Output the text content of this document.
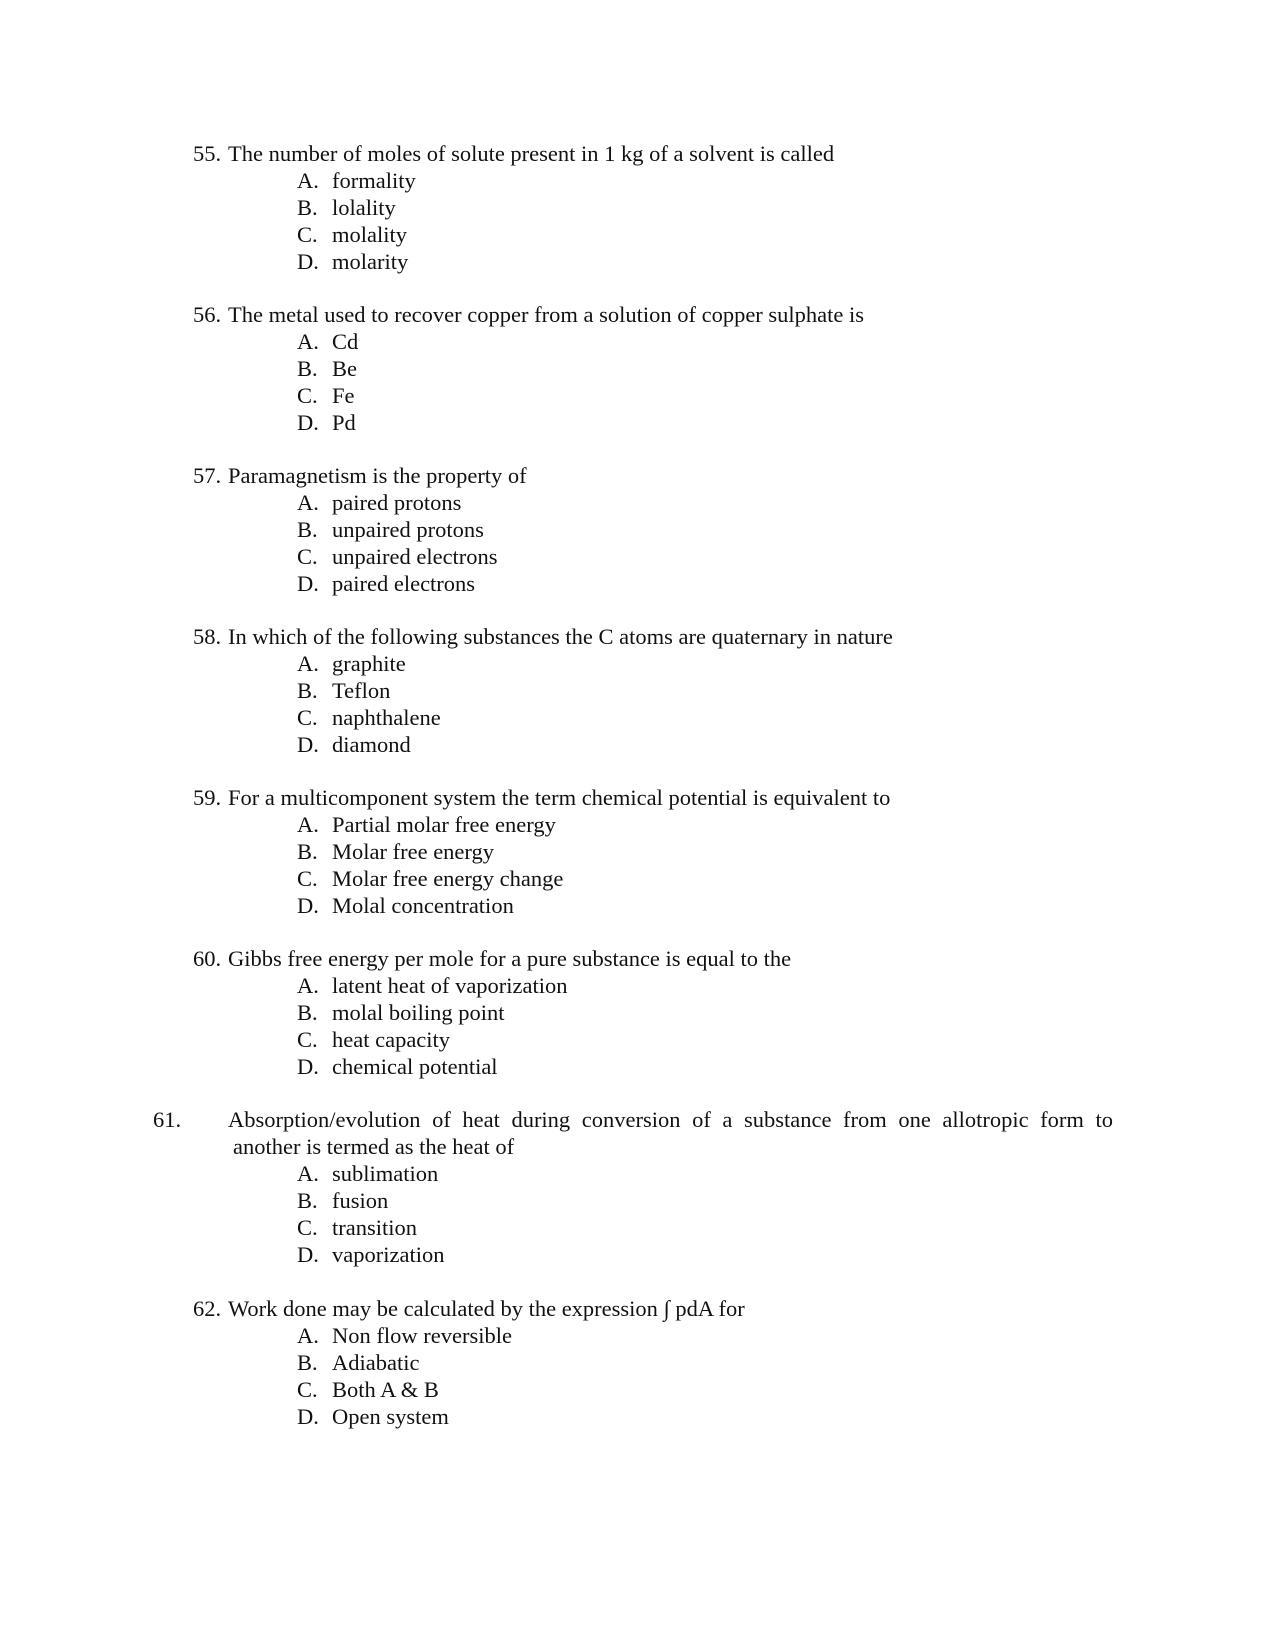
55. The number of moles of solute present in 1 kg of a solvent is called

A. formality
B. lolality
C. molality
D. molarity

56. The metal used to recover copper from a solution of copper sulphate is

A. Cd
B. Be
C. Fe
D. Pd

57. Paramagnetism is the property of

A. paired protons
B. unpaired protons
C. unpaired electrons
D. paired electrons

58. In which of the following substances the C atoms are quaternary in nature

A. graphite
B. Teflon
C. naphthalene
D. diamond

59. For a multicomponent system the term chemical potential is equivalent to

A. Partial molar free energy
B. Molar free energy
C. Molar free energy change
D. Molal concentration

60. Gibbs free energy per mole for a pure substance is equal to the

A. latent heat of vaporization
B. molal boiling point
C. heat capacity
D. chemical potential

61. Absorption/evolution of heat during conversion of a substance from one allotropic form to another is termed as the heat of

A. sublimation
B. fusion
C. transition
D. vaporization

62. Work done may be calculated by the expression ∫ pdA for

A. Non flow reversible
B. Adiabatic
C. Both A & B
D. Open system
